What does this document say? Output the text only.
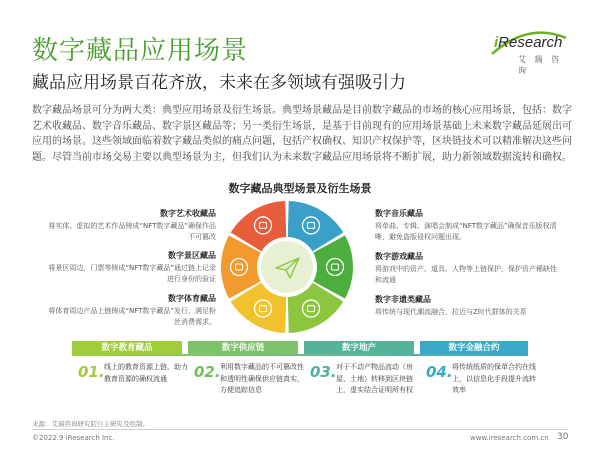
数字藏品应用场景
藏品应用场景百花齐放，未来在多领域有强吸引力
iResearch
艾 瑞 咨 询
数字藏品场景可分为两大类：典型应用场景及衍生场景。典型场景藏品是目前数字藏品的市场的核心应用场景，包括：数字艺术收藏品、数字音乐藏品、数字景区藏品等；另一类衍生场景，是基于目前现有的应用场景基础上未来数字藏品延展出可应用的场景。这些领域面临着数字藏品类似的痛点问题，包括产权确权、知识产权保护等，区块链技术可以精准解决这些问题。尽管当前市场交易主要以典型场景为主，但我们认为未来数字藏品应用场景将不断扩展，助力新领域数据流转和确权。
数字藏品典型场景及衍生场景
数字艺术收藏品
将实体、虚拟的艺术作品铸成“NFT数字藏品”确保作品不可篡改
数字景区藏品
将景区周边，门票等铸成“NFT数字藏品”通过链上记录进行身份的验证
数字体育藏品
将体育周边产品上链铸成“NFT数字藏品”发行，满足粉丝消费需求。
数字音乐藏品
将单曲、专辑、演唱会制成“NFT数字藏品”确保音乐版权清晰，避免盗版侵权问题出现。
数字游戏藏品
将游戏中的资产、道具、人物等上链保护，保护资产稀缺性和流通
数字非遗类藏品
将传统与现代潮流融合，拉近与Z时代群体的关系
数字教育藏品	数字供应链	数字地产	数字金融合约
01. 线上的教育资源上链，助力教育资源的确权流通	02. 利用数字藏品的不可篡改性和透明性确保供应链真实，方便追踪信息
03. 对于不动产物品流动（房屋、土地）转移到区块链上，虚实结合证明所有权
04. 将传统纸质的保单合约在线上，以信息化手段提升流转效率
来源：艾瑞咨询研究院自主研究及绘制。
©2022.9 iResearch Inc.	www.iresearch.com.cn 30
